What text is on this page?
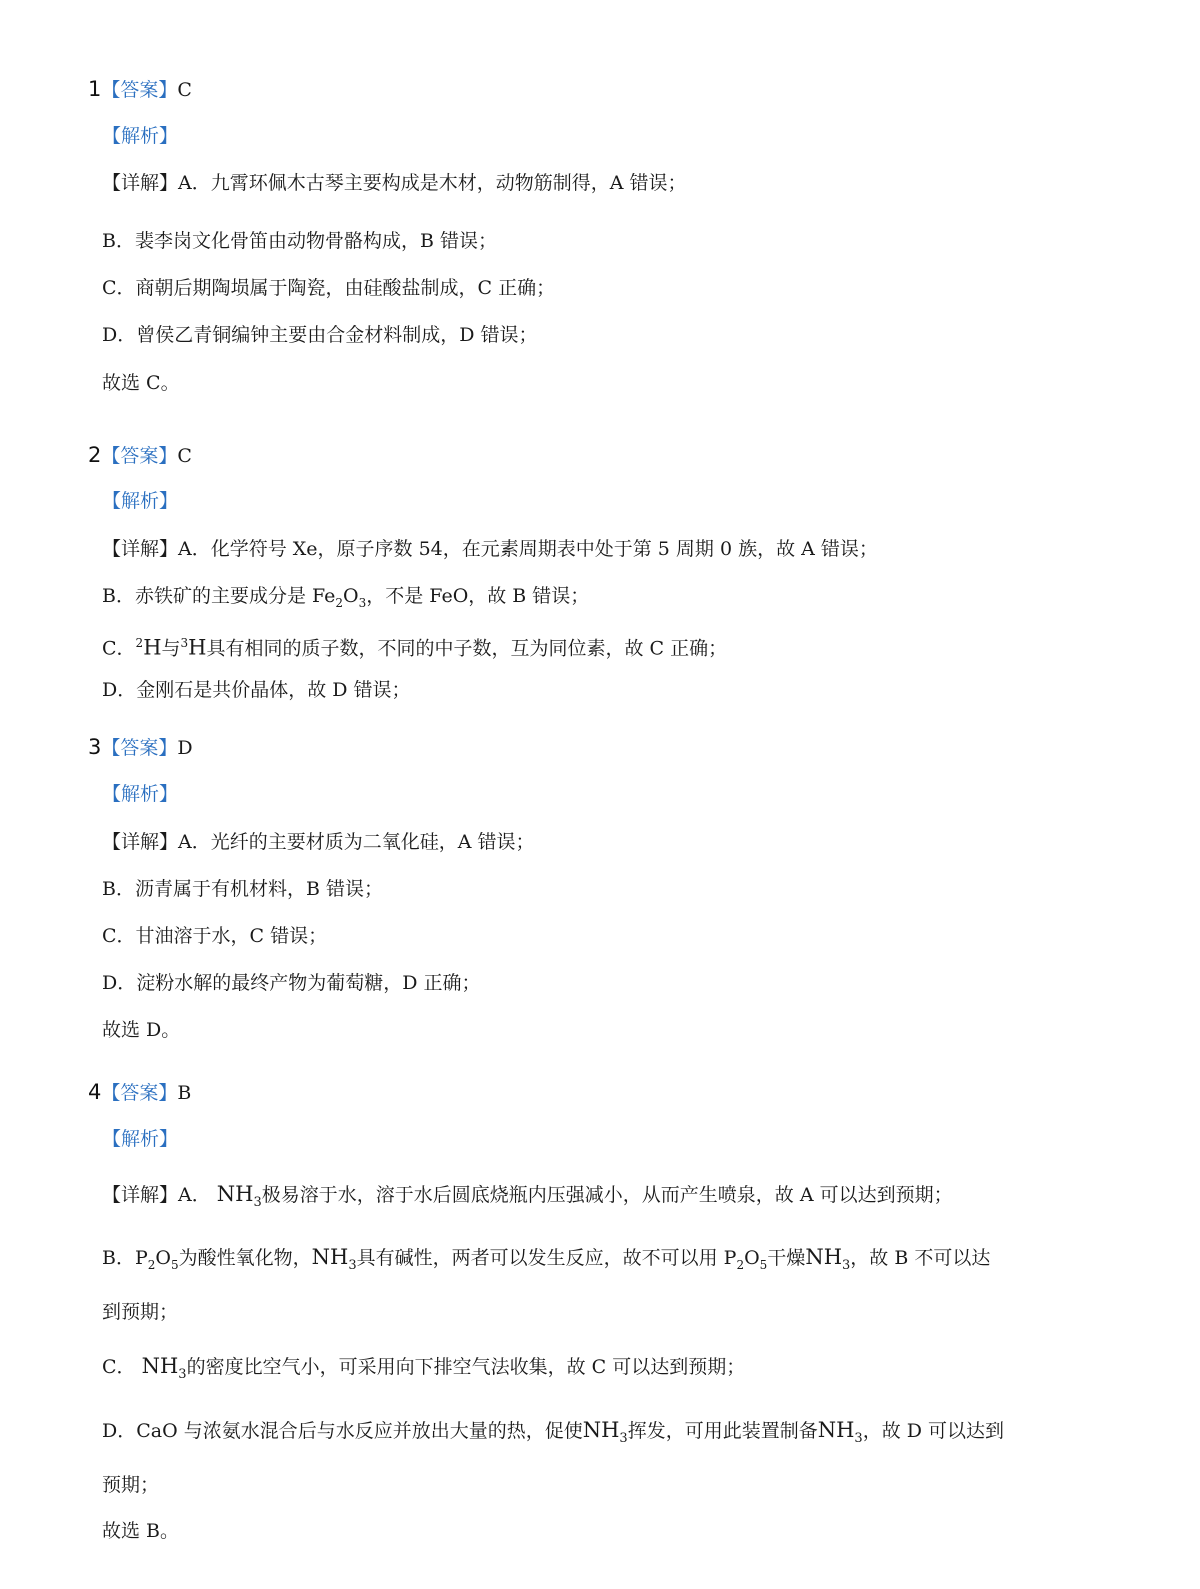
1【答案】C
【解析】
【详解】A．九霄环佩木古琴主要构成是木材，动物筋制得，A 错误；
B．裴李岗文化骨笛由动物骨骼构成，B 错误；
C．商朝后期陶埙属于陶瓷，由硅酸盐制成，C 正确；
D．曾侯乙青铜编钟主要由合金材料制成，D 错误；
故选 C。
2【答案】C
【解析】
【详解】A．化学符号 Xe，原子序数 54，在元素周期表中处于第 5 周期 0 族，故 A 错误；
B．赤铁矿的主要成分是 $Fe_2O_3$，不是 FeO，故 B 错误；
C．$^2$H与$^3$H具有相同的质子数，不同的中子数，互为同位素，故 C 正确；
D．金刚石是共价晶体，故 D 错误；
3【答案】D
【解析】
【详解】A．光纤的主要材质为二氧化硅，A 错误；
B．沥青属于有机材料，B 错误；
C．甘油溶于水，C 错误；
D．淀粉水解的最终产物为葡萄糖，D 正确；
故选 D。
4【答案】B
【解析】
【详解】A． $NH_3$极易溶于水，溶于水后圆底烧瓶内压强减小，从而产生喷泉，故 A 可以达到预期；
B．$P_2O_5$为酸性氧化物，$NH_3$具有碱性，两者可以发生反应，故不可以用 $P_2O_5$干燥$NH_3$，故 B 不可以达
到预期；
C． $NH_3$的密度比空气小，可采用向下排空气法收集，故 C 可以达到预期；
D．CaO 与浓氨水混合后与水反应并放出大量的热，促使$NH_3$挥发，可用此装置制备$NH_3$，故 D 可以达到
预期；
故选 B。
